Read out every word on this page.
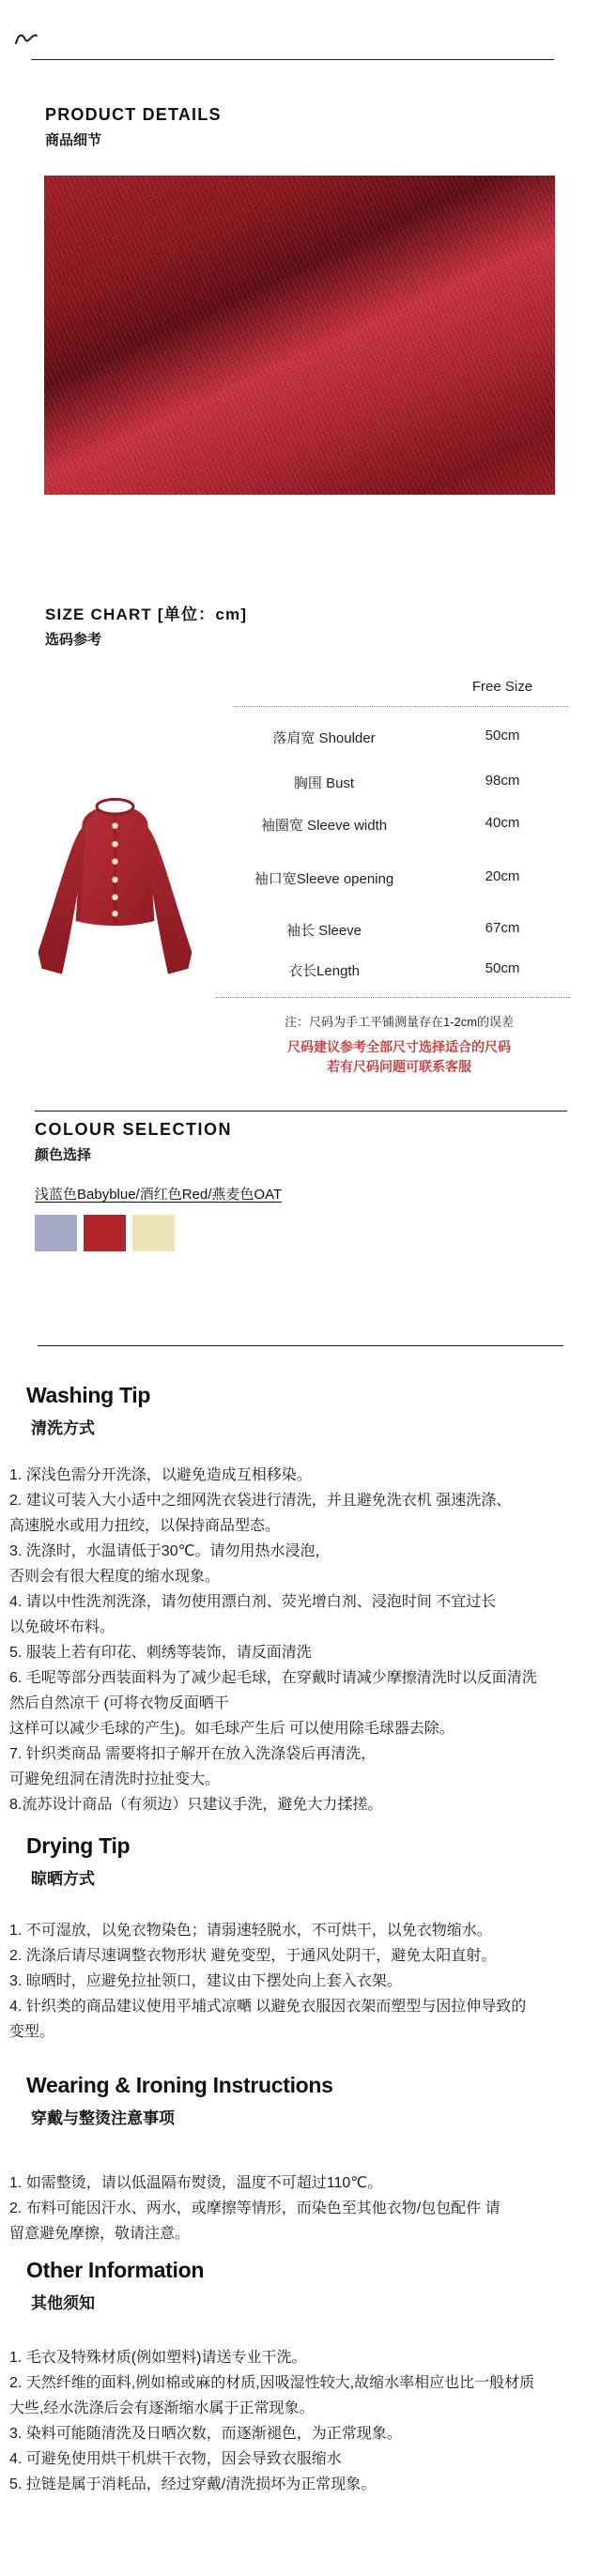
PRODUCT DETAILS
商品细节
SIZE CHART [单位：cm]
选码参考
Free Size
落肩宽 Shoulder	50cm
胸围 Bust	98cm
袖圈宽 Sleeve width	40cm
袖口宽Sleeve opening	20cm
袖长 Sleeve	67cm
衣长Length	50cm
注：尺码为手工平铺测量存在1-2cm的误差
尺码建议参考全部尺寸选择适合的尺码
若有尺码问题可联系客服
COLOUR SELECTION
颜色选择
浅蓝色Babyblue/酒红色Red/燕麦色OAT
Washing Tip
清洗方式
1. 深浅色需分开洗涤，以避免造成互相移染。
2. 建议可装入大小适中之细网洗衣袋进行清洗，并且避免洗衣机 强速洗涤、
高速脱水或用力扭绞，以保持商品型态。
3. 洗涤时，水温请低于30℃。请勿用热水浸泡，
否则会有很大程度的缩水现象。
4. 请以中性洗剂洗涤，请勿使用漂白剂、荧光增白剂、浸泡时间 不宜过长
以免破坏布料。
5. 服装上若有印花、刺绣等装饰，请反面清洗
6. 毛呢等部分西装面料为了减少起毛球，在穿戴时请减少摩擦清洗时以反面清洗
然后自然凉干 (可将衣物反面晒干
这样可以减少毛球的产生)。如毛球产生后 可以使用除毛球器去除。
7. 针织类商品 需要将扣子解开在放入洗涤袋后再清洗，
可避免纽洞在清洗时拉扯变大。
8.流苏设计商品（有须边）只建议手洗，避免大力揉搓。
Drying Tip
晾晒方式
1. 不可湿放，以免衣物染色；请弱速轻脱水，不可烘干，以免衣物缩水。
2. 洗涤后请尽速调整衣物形状 避免变型，于通风处阴干，避免太阳直射。
3. 晾晒时，应避免拉扯领口，建议由下摆处向上套入衣架。
4. 针织类的商品建议使用平埔式凉嗮 以避免衣服因衣架而塑型与因拉伸导致的
变型。
Wearing & Ironing Instructions
穿戴与整烫注意事项
1. 如需整烫，请以低温隔布熨烫，温度不可超过110℃。
2. 布料可能因汗水、两水，或摩擦等情形，而染色至其他衣物/包包配件 请
留意避免摩擦，敬请注意。
Other Information
其他须知
1. 毛衣及特殊材质(例如塑料)请送专业干洗。
2. 天然纤维的面料,例如棉或麻的材质,因吸湿性较大,故缩水率相应也比一般材质
大些,经水洗涤后会有逐渐缩水属于正常现象。
3. 染料可能随清洗及日晒次数，而逐渐褪色，为正常现象。
4. 可避免使用烘干机烘干衣物，因会导致衣服缩水
5. 拉链是属于消耗品，经过穿戴/清洗损坏为正常现象。
